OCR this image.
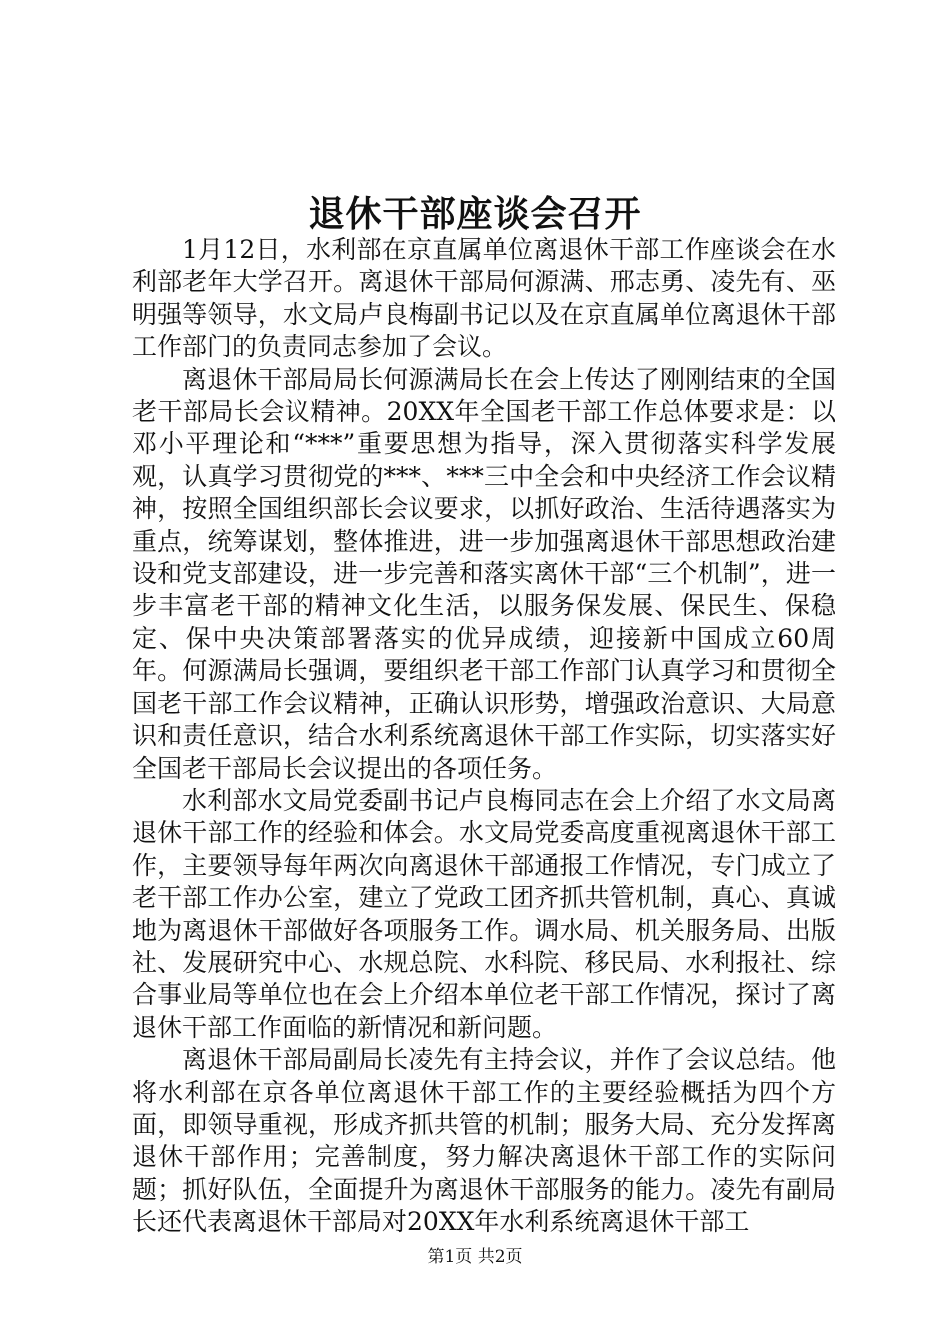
退休干部座谈会召开

1月12日，水利部在京直属单位离退休干部工作座谈会在水利部老年大学召开。离退休干部局何源满、邢志勇、凌先有、巫明强等领导，水文局卢良梅副书记以及在京直属单位离退休干部工作部门的负责同志参加了会议。

离退休干部局局长何源满局长在会上传达了刚刚结束的全国老干部局长会议精神。20XX年全国老干部工作总体要求是：以邓小平理论和“***”重要思想为指导，深入贯彻落实科学发展观，认真学习贯彻党的***、***三中全会和中央经济工作会议精神，按照全国组织部长会议要求，以抓好政治、生活待遇落实为重点，统筹谋划，整体推进，进一步加强离退休干部思想政治建设和党支部建设，进一步完善和落实离休干部“三个机制”，进一步丰富老干部的精神文化生活，以服务保发展、保民生、保稳定、保中央决策部署落实的优异成绩，迎接新中国成立60周年。何源满局长强调，要组织老干部工作部门认真学习和贯彻全国老干部工作会议精神，正确认识形势，增强政治意识、大局意识和责任意识，结合水利系统离退休干部工作实际，切实落实好全国老干部局长会议提出的各项任务。

水利部水文局党委副书记卢良梅同志在会上介绍了水文局离退休干部工作的经验和体会。水文局党委高度重视离退休干部工作，主要领导每年两次向离退休干部通报工作情况，专门成立了老干部工作办公室，建立了党政工团齐抓共管机制，真心、真诚地为离退休干部做好各项服务工作。调水局、机关服务局、出版社、发展研究中心、水规总院、水科院、移民局、水利报社、综合事业局等单位也在会上介绍本单位老干部工作情况，探讨了离退休干部工作面临的新情况和新问题。

离退休干部局副局长凌先有主持会议，并作了会议总结。他将水利部在京各单位离退休干部工作的主要经验概括为四个方面，即领导重视，形成齐抓共管的机制；服务大局、充分发挥离退休干部作用；完善制度，努力解决离退休干部工作的实际问题；抓好队伍，全面提升为离退休干部服务的能力。凌先有副局长还代表离退休干部局对20XX年水利系统离退休干部工

第1页 共2页
